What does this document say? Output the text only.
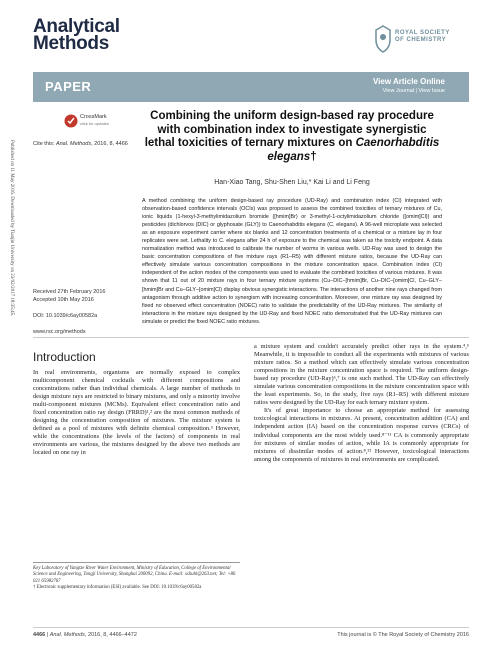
Analytical
Methods	ROYAL SOCIETY
OF CHEMISTRY
PAPER	View Article Online
View Journal | View Issue
Published on 11 May 2016. Downloaded by Tianjin University on 23/02/2017 18:35:45.
CrossMark
click for updates
Cite this: Anal. Methods, 2016, 8, 4466
Combining the uniform design-based ray procedure with combination index to investigate synergistic lethal toxicities of ternary mixtures on Caenorhabditis elegans†
Han-Xiao Tang, Shu-Shen Liu,* Kai Li and Li Feng
A method combining the uniform design-based ray procedure (UD-Ray) and combination index (CI) integrated with observation-based confidence intervals (OCIs) was proposed to assess the combined toxicities of ternary mixtures of Cu, ionic liquids (1-hexyl-3-methylimidazolium bromide ([hmim]Br) or 3-methyl-1-octylimidazolium chloride ([omim]Cl)) and pesticides (dichlorvos (DIC) or glyphosate (GLY)) to Caenorhabditis elegans (C. elegans). A 96-well microplate was selected as an exposure experiment carrier where six blanks and 12 concentration treatments of a chemical or a mixture lay in four replicates were set. Lethality to C. elegans after 24 h of exposure to the chemical was taken as the toxicity endpoint. A data normalization method was introduced to calibrate the number of worms in various wells. UD-Ray was used to design the basic concentration compositions of five mixture rays (R1–R5) with different mixture ratios, because the UD-Ray can effectively simulate various concentration compositions in the mixture concentration space. Combination index (CI) independent of the action modes of the components was used to evaluate the combined toxicities of various mixtures. It was shown that 11 out of 20 mixture rays in four ternary mixture systems (Cu–DIC–[hmim]Br, Cu–DIC–[omim]Cl, Cu–GLY–[hmim]Br and Cu–GLY–[omim]Cl) display obvious synergistic interactions. The interactions of another nine rays changed from antagonism through additive action to synergism with increasing concentration. Moreover, one mixture ray was designed by fixed no observed effect concentration (NOEC) ratio to validate the predictability of the UD-Ray mixtures. The similarity of interactions in the mixture rays designed by the UD-Ray and fixed NOEC ratio demonstrated that the UD-Ray mixtures can simulate or predict the fixed NOEC ratio mixtures.
Received 27th February 2016
Accepted 10th May 2016
DOI: 10.1039/c6ay00582a
www.rsc.org/methods
Introduction

In real environments, organisms are normally exposed to complex multicomponent chemical cocktails with different compositions and concentrations rather than individual chemicals. A large number of methods to design mixture rays are restricted to binary mixtures, and only a minority involve multi-component mixtures (MCMs). Equivalent effect concentration ratio and fixed concentration ratio ray design (FRRD)¹,² are the most common methods of designing the concentration composition of mixtures. The mixture system is defined as a pool of mixtures with definite chemical composition.³ However, while the concentrations (the levels of the factors) of components in real environments are various, the mixtures designed by the above two methods are located on one ray in

a mixture system and couldn't accurately predict other rays in the system.⁴,⁵ Meanwhile, it is impossible to conduct all the experiments with mixtures of various mixture ratios. So a method which can effectively simulate various concentration compositions in the mixture concentration space is required. The uniform design-based ray procedure (UD-Ray)⁶,⁷ is one such method. The UD-Ray can effectively simulate various concentration compositions in the mixture concentration space with the least experiments. So, in the study, five rays (R1–R5) with different mixture ratios were designed by the UD-Ray for each ternary mixture system.

It's of great importance to choose an appropriate method for assessing toxicological interactions in mixtures. At present, concentration addition (CA) and independent action (IA) based on the concentration response curves (CRCs) of individual components are the most widely used.⁸⁻¹¹ CA is commonly appropriate for mixtures of similar modes of action, while IA is commonly appropriate for mixtures of dissimilar modes of action.⁸,¹² However, toxicological interactions among the components of mixtures in real environments are complicated.

Key Laboratory of Yangtze River Water Environment, Ministry of Education, College of Environmental Science and Engineering, Tongji University, Shanghai 200092, China. E-mail: ssliuhl@263.net; Tel: +86 021 65982767
† Electronic supplementary information (ESI) available. See DOI: 10.1039/c6ay00582a
4466 | Anal. Methods, 2016, 8, 4466–4472	This journal is © The Royal Society of Chemistry 2016
